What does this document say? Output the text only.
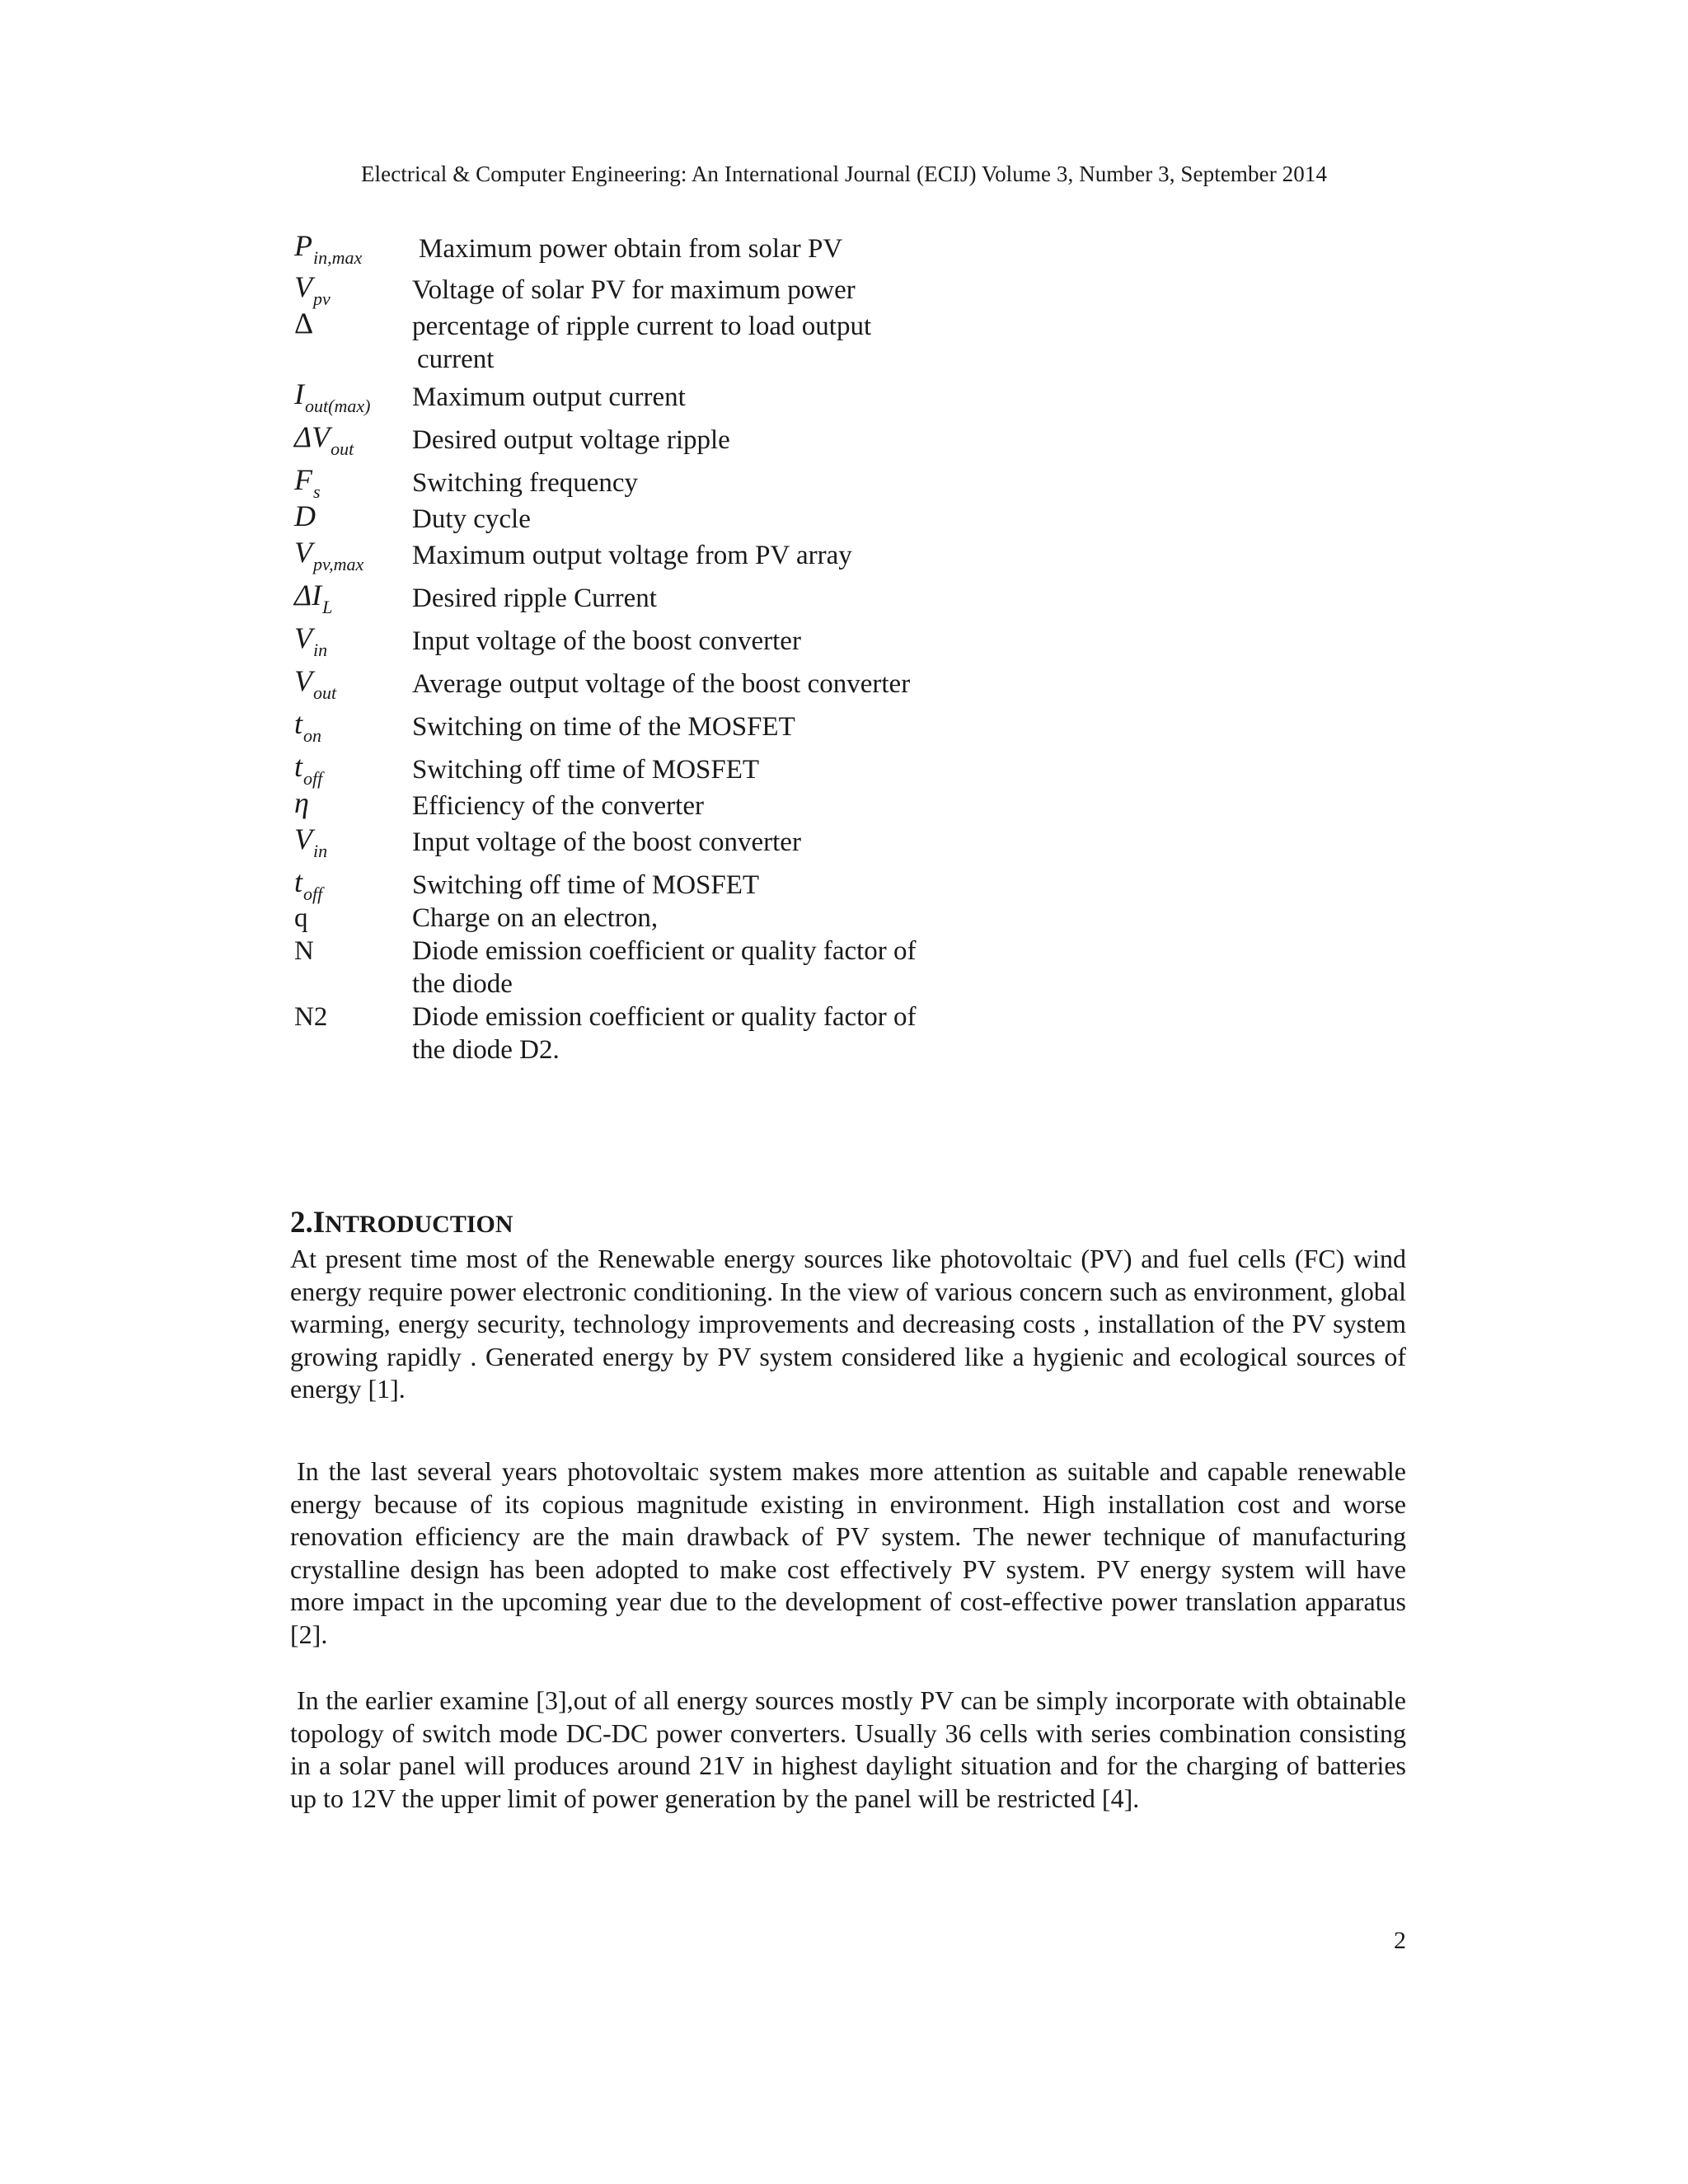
Electrical & Computer Engineering: An International Journal (ECIJ) Volume 3, Number 3, September 2014
$P_{in,max}$	Maximum power obtain from solar PV
$V_{pv}$	Voltage of solar PV for maximum power
Δ	percentage of ripple current to load output current
$I_{out(max)}$	Maximum output current
$\Delta V_{out}$	Desired output voltage ripple
$F_s$	Switching frequency
D	Duty cycle
$V_{pv,max}$	Maximum output voltage from PV array
$\Delta I_L$	Desired ripple Current
$V_{in}$	Input voltage of the boost converter
$V_{out}$	Average output voltage of the boost converter
$t_{on}$	Switching on time of the MOSFET
$t_{off}$	Switching off time of MOSFET
η	Efficiency of the converter
$V_{in}$	Input voltage of the boost converter
$t_{off}$	Switching off time of MOSFET
q	Charge on an electron,
N	Diode emission coefficient or quality factor of the diode
N2	Diode emission coefficient or quality factor of the diode D2.
2.INTRODUCTION

At present time most of the Renewable energy sources like photovoltaic (PV) and fuel cells (FC) wind energy require power electronic conditioning. In the view of various concern such as environment, global warming, energy security, technology improvements and decreasing costs , installation of the PV system growing rapidly . Generated energy by PV system considered like a hygienic and ecological sources of energy [1].

In the last several years photovoltaic system makes more attention as suitable and capable renewable energy because of its copious magnitude existing in environment. High installation cost and worse renovation efficiency are the main drawback of PV system. The newer technique of manufacturing crystalline design has been adopted to make cost effectively PV system. PV energy system will have more impact in the upcoming year due to the development of cost-effective power translation apparatus [2].

In the earlier examine [3],out of all energy sources mostly PV can be simply incorporate with obtainable topology of switch mode DC-DC power converters. Usually 36 cells with series combination consisting in a solar panel will produces around 21V in highest daylight situation and for the charging of batteries up to 12V the upper limit of power generation by the panel will be restricted [4].

2
